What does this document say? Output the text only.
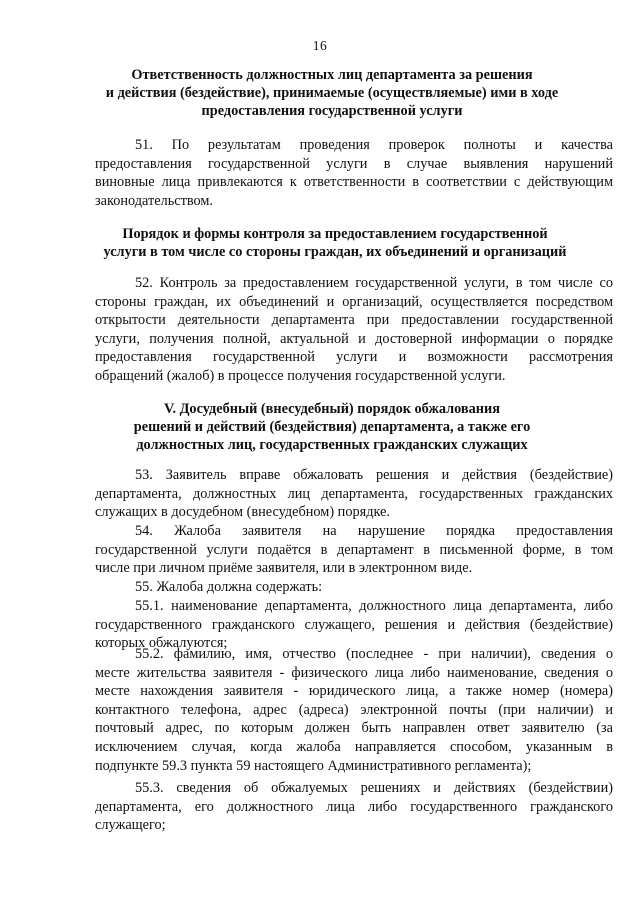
16
Ответственность должностных лиц департамента за решения
и действия (бездействие), принимаемые (осуществляемые) ими в ходе
предоставления государственной услуги
51. По результатам проведения проверок полноты и качества
предоставления государственной услуги в случае выявления нарушений
виновные лица привлекаются к ответственности в соответствии с действующим
законодательством.
Порядок и формы контроля за предоставлением государственной
услуги в том числе со стороны граждан, их объединений и организаций
52. Контроль за предоставлением государственной услуги, в том числе со
стороны граждан, их объединений и организаций, осуществляется посредством
открытости деятельности департамента при предоставлении государственной
услуги, получения полной, актуальной и достоверной информации о порядке
предоставления государственной услуги и возможности рассмотрения
обращений (жалоб) в процессе получения государственной услуги.
V. Досудебный (внесудебный) порядок обжалования
решений и действий (бездействия) департамента, а также его
должностных лиц, государственных гражданских служащих
53. Заявитель вправе обжаловать решения и действия (бездействие)
департамента, должностных лиц департамента, государственных гражданских
служащих в досудебном (внесудебном) порядке.
54. Жалоба заявителя на нарушение порядка предоставления
государственной услуги подаётся в департамент в письменной форме, в том
числе при личном приёме заявителя, или в электронном виде.
55. Жалоба должна содержать:
55.1. наименование департамента, должностного лица департамента, либо
государственного гражданского служащего, решения и действия (бездействие)
которых обжалуются;
55.2. фамилию, имя, отчество (последнее - при наличии), сведения о
месте жительства заявителя - физического лица либо наименование, сведения о
месте нахождения заявителя - юридического лица, а также номер (номера)
контактного телефона, адрес (адреса) электронной почты (при наличии) и
почтовый адрес, по которым должен быть направлен ответ заявителю (за
исключением случая, когда жалоба направляется способом, указанным в
подпункте 59.3 пункта 59 настоящего Административного регламента);
55.3. сведения об обжалуемых решениях и действиях (бездействии)
департамента, его должностного лица либо государственного гражданского
служащего;
